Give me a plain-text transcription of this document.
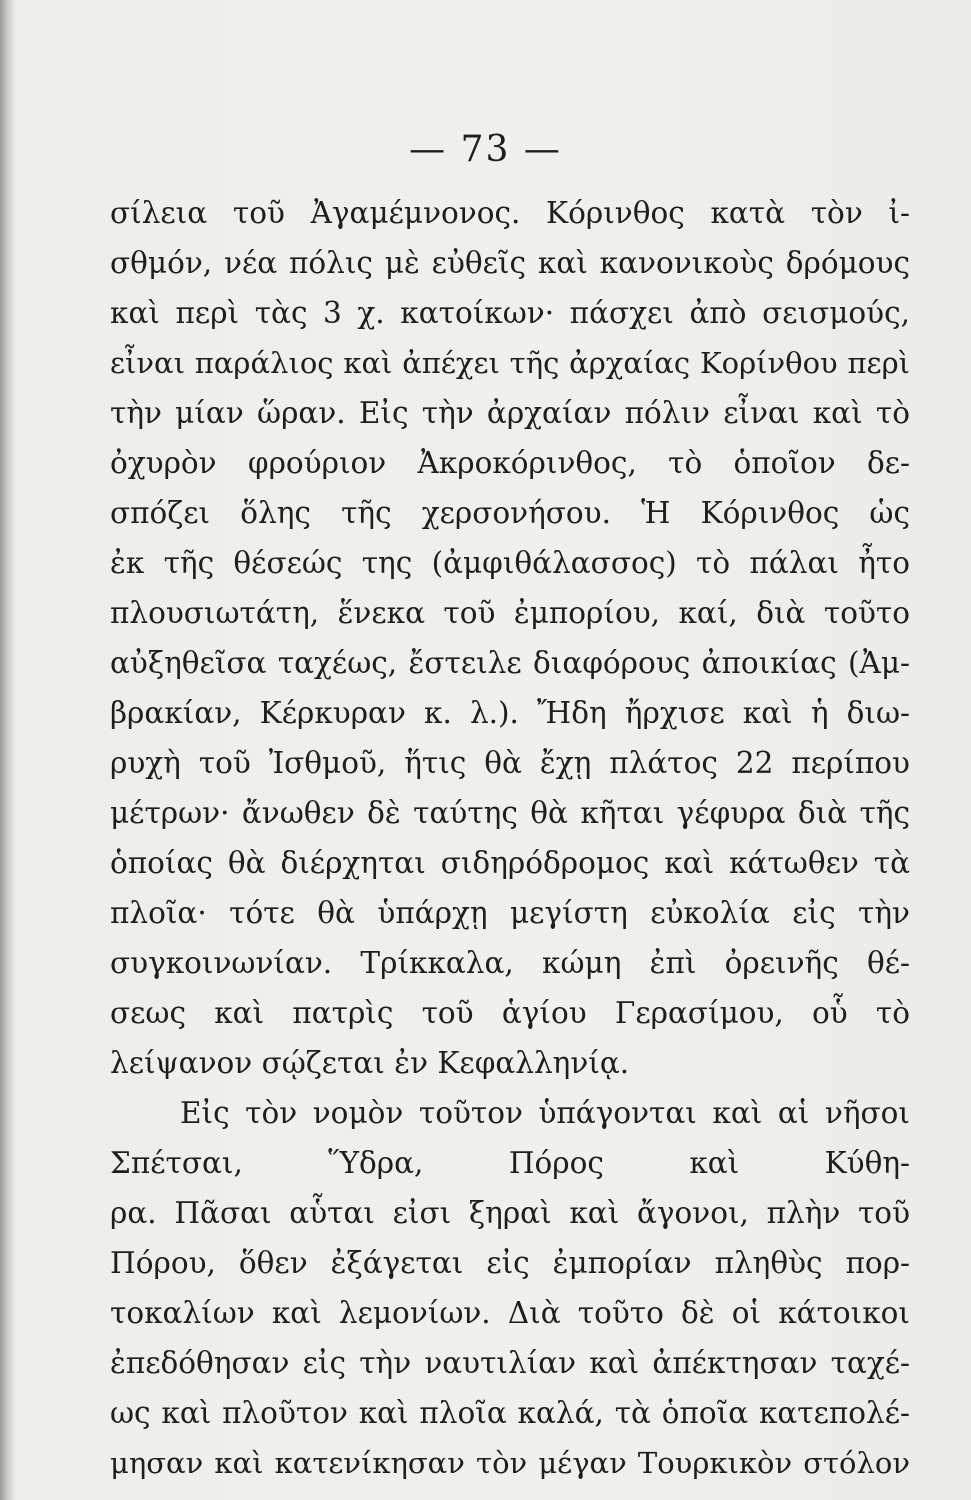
— 73 —
σίλεια τοῦ Ἀγαμέμνονος. Κόρινθος κατὰ τὸν ἰ-
σθμόν, νέα πόλις μὲ εὐθεῖς καὶ κανονικοὺς δρόμους
καὶ περὶ τὰς 3 χ. κατοίκων· πάσχει ἀπὸ σεισμούς,
εἶναι παράλιος καὶ ἀπέχει τῆς ἀρχαίας Κορίνθου περὶ
τὴν μίαν ὥραν. Εἰς τὴν ἀρχαίαν πόλιν εἶναι καὶ τὸ
ὀχυρὸν φρούριον Ἀκροκόρινθος, τὸ ὁποῖον δε-
σπόζει ὅλης τῆς χερσονήσου. Ἡ Κόρινθος ὡς
ἐκ τῆς θέσεώς της (ἀμφιθάλασσος) τὸ πάλαι ἦτο
πλουσιωτάτη, ἕνεκα τοῦ ἐμπορίου, καί, διὰ τοῦτο
αὐξηθεῖσα ταχέως, ἔστειλε διαφόρους ἀποικίας (Ἀμ-
βρακίαν, Κέρκυραν κ. λ.). Ἤδη ἤρχισε καὶ ἡ διω-
ρυχὴ τοῦ Ἰσθμοῦ, ἥτις θὰ ἔχῃ πλάτος 22 περίπου
μέτρων· ἄνωθεν δὲ ταύτης θὰ κῆται γέφυρα διὰ τῆς
ὁποίας θὰ διέρχηται σιδηρόδρομος καὶ κάτωθεν τὰ
πλοῖα· τότε θὰ ὑπάρχῃ μεγίστη εὐκολία εἰς τὴν
συγκοινωνίαν. Τρίκκαλα, κώμη ἐπὶ ὀρεινῆς θέ-
σεως καὶ πατρὶς τοῦ ἁγίου Γερασίμου, οὗ τὸ
λείψανον σῴζεται ἐν Κεφαλληνίᾳ.
Εἰς τὸν νομὸν τοῦτον ὑπάγονται καὶ αἱ νῆσοι
Σπέτσαι, Ὕδρα, Πόρος καὶ Κύθη-
ρα. Πᾶσαι αὗται εἰσι ξηραὶ καὶ ἄγονοι, πλὴν τοῦ
Πόρου, ὅθεν ἐξάγεται εἰς ἐμπορίαν πληθὺς πορ-
τοκαλίων καὶ λεμονίων. Διὰ τοῦτο δὲ οἱ κάτοικοι
ἐπεδόθησαν εἰς τὴν ναυτιλίαν καὶ ἀπέκτησαν ταχέ-
ως καὶ πλοῦτον καὶ πλοῖα καλά, τὰ ὁποῖα κατεπολέ-
μησαν καὶ κατενίκησαν τὸν μέγαν Τουρκικὸν στόλον
